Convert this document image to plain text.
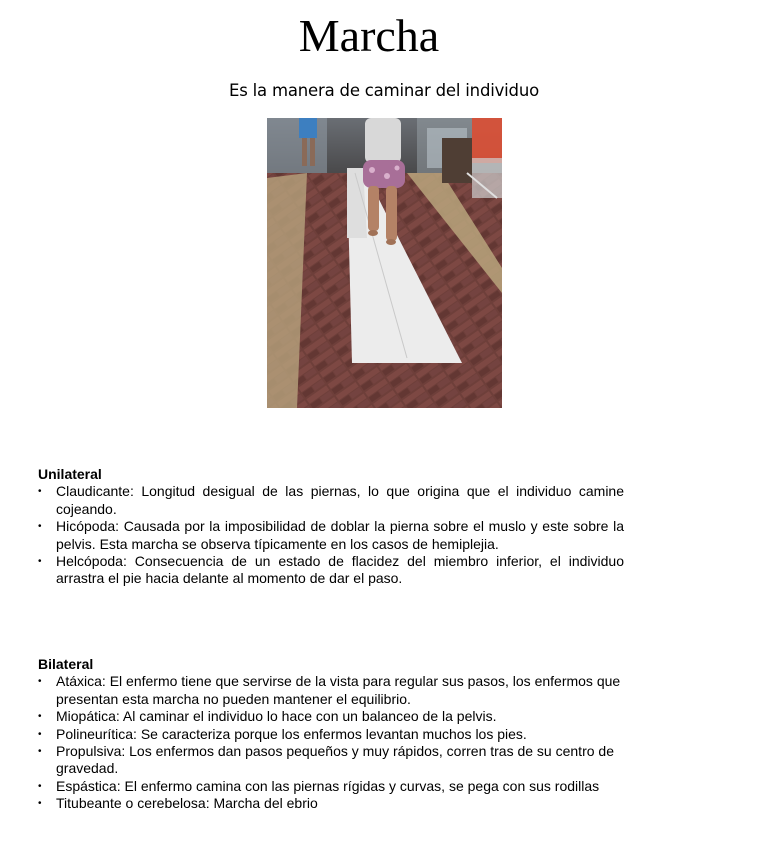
Marcha
Es la manera de caminar del individuo
Unilateral
• Claudicante: Longitud desigual de las piernas, lo que origina que el individuo camine cojeando.
• Hicópoda: Causada por la imposibilidad de doblar la pierna sobre el muslo y este sobre la pelvis. Esta marcha se observa típicamente en los casos de hemiplejia.
• Helcópoda: Consecuencia de un estado de flacidez del miembro inferior, el individuo arrastra el pie hacia delante al momento de dar el paso.
Bilateral
• Atáxica: El enfermo tiene que servirse de la vista para regular sus pasos, los enfermos que presentan esta marcha no pueden mantener el equilibrio.
• Miopática: Al caminar el individuo lo hace con un balanceo de la pelvis.
• Polineurítica: Se caracteriza porque los enfermos levantan muchos los pies.
• Propulsiva: Los enfermos dan pasos pequeños y muy rápidos, corren tras de su centro de gravedad.
• Espástica: El enfermo camina con las piernas rígidas y curvas, se pega con sus rodillas
• Titubeante o cerebelosa: Marcha del ebrio
